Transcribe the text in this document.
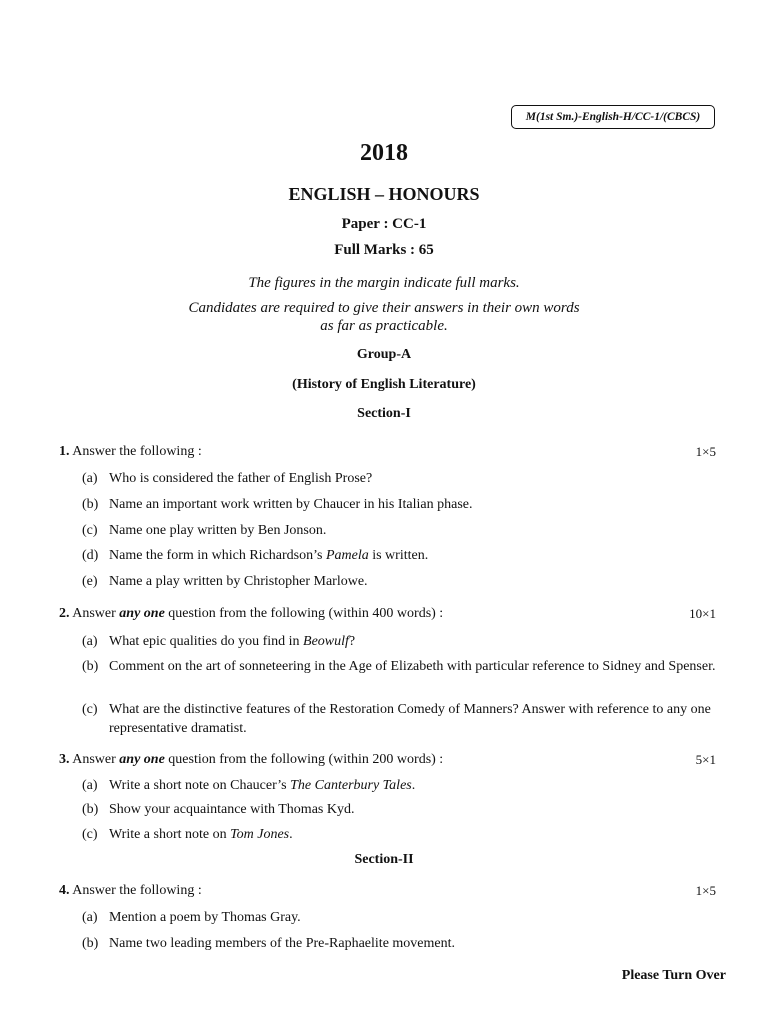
M(1st Sm.)-English-H/CC-1/(CBCS)
2018
ENGLISH – HONOURS
Paper : CC-1
Full Marks : 65
The figures in the margin indicate full marks.
Candidates are required to give their answers in their own words
as far as practicable.
Group-A
(History of English Literature)
Section-I
1. Answer the following :	1×5
(a) Who is considered the father of English Prose?
(b) Name an important work written by Chaucer in his Italian phase.
(c) Name one play written by Ben Jonson.
(d) Name the form in which Richardson’s Pamela is written.
(e) Name a play written by Christopher Marlowe.
2. Answer any one question from the following (within 400 words) :	10×1
(a) What epic qualities do you find in Beowulf?
(b) Comment on the art of sonneteering in the Age of Elizabeth with particular reference to Sidney and Spenser.
(c) What are the distinctive features of the Restoration Comedy of Manners? Answer with reference to any one representative dramatist.
3. Answer any one question from the following (within 200 words) :	5×1
(a) Write a short note on Chaucer’s The Canterbury Tales.
(b) Show your acquaintance with Thomas Kyd.
(c) Write a short note on Tom Jones.
Section-II
4. Answer the following :	1×5
(a) Mention a poem by Thomas Gray.
(b) Name two leading members of the Pre-Raphaelite movement.
Please Turn Over
